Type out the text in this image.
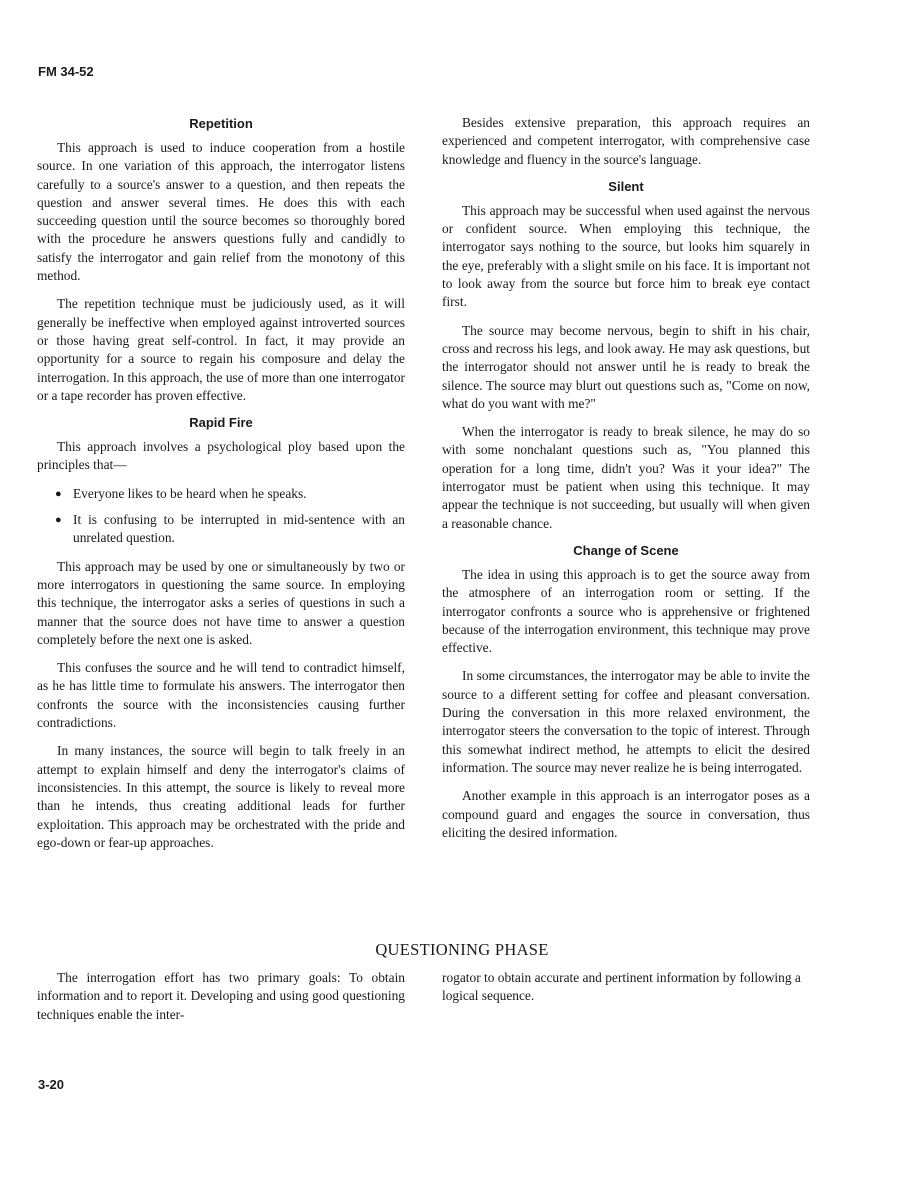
FM 34-52
Repetition

This approach is used to induce cooperation from a hostile source. In one variation of this approach, the interrogator listens carefully to a source's answer to a question, and then repeats the question and answer several times. He does this with each succeeding question until the source becomes so thoroughly bored with the procedure he answers questions fully and candidly to satisfy the interrogator and gain relief from the monotony of this method.

The repetition technique must be judiciously used, as it will generally be ineffective when employed against introverted sources or those having great self-control. In fact, it may provide an opportunity for a source to regain his composure and delay the interrogation. In this approach, the use of more than one interrogator or a tape recorder has proven effective.

Rapid Fire

This approach involves a psychological ploy based upon the principles that—

● Everyone likes to be heard when he speaks.
● It is confusing to be interrupted in mid-sentence with an unrelated question.

This approach may be used by one or simultaneously by two or more interrogators in questioning the same source. In employing this technique, the interrogator asks a series of questions in such a manner that the source does not have time to answer a question completely before the next one is asked.

This confuses the source and he will tend to contradict himself, as he has little time to formulate his answers. The interrogator then confronts the source with the inconsistencies causing further contradictions.

In many instances, the source will begin to talk freely in an attempt to explain himself and deny the interrogator's claims of inconsistencies. In this attempt, the source is likely to reveal more than he intends, thus creating additional leads for further exploitation. This approach may be orchestrated with the pride and ego-down or fear-up approaches.

Besides extensive preparation, this approach requires an experienced and competent interrogator, with comprehensive case knowledge and fluency in the source's language.

Silent

This approach may be successful when used against the nervous or confident source. When employing this technique, the interrogator says nothing to the source, but looks him squarely in the eye, preferably with a slight smile on his face. It is important not to look away from the source but force him to break eye contact first.

The source may become nervous, begin to shift in his chair, cross and recross his legs, and look away. He may ask questions, but the interrogator should not answer until he is ready to break the silence. The source may blurt out questions such as, "Come on now, what do you want with me?"

When the interrogator is ready to break silence, he may do so with some nonchalant questions such as, "You planned this operation for a long time, didn't you? Was it your idea?" The interrogator must be patient when using this technique. It may appear the technique is not succeeding, but usually will when given a reasonable chance.

Change of Scene

The idea in using this approach is to get the source away from the atmosphere of an interrogation room or setting. If the interrogator confronts a source who is apprehensive or frightened because of the interrogation environment, this technique may prove effective.

In some circumstances, the interrogator may be able to invite the source to a different setting for coffee and pleasant conversation. During the conversation in this more relaxed environment, the interrogator steers the conversation to the topic of interest. Through this somewhat indirect method, he attempts to elicit the desired information. The source may never realize he is being interrogated.

Another example in this approach is an interrogator poses as a compound guard and engages the source in conversation, thus eliciting the desired information.

QUESTIONING PHASE

The interrogation effort has two primary goals: To obtain information and to report it. Developing and using good questioning techniques enable the inter-

rogator to obtain accurate and pertinent information by following a logical sequence.

3-20
